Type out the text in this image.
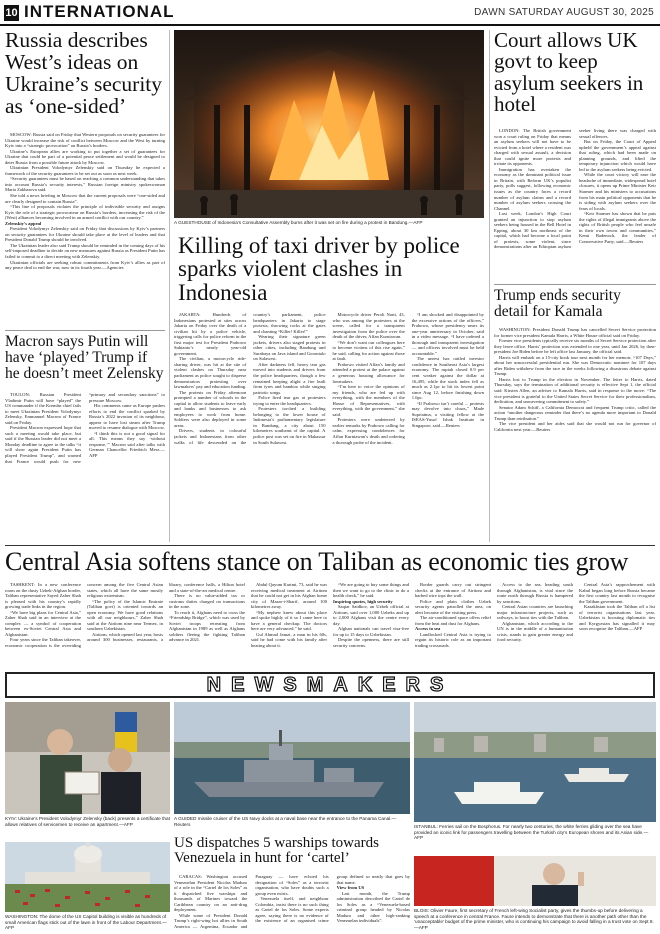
10 INTERNATIONAL	DAWN SATURDAY AUGUST 30, 2025
Russia describes West’s ideas on Ukraine’s security as ‘one-sided’

MOSCOW: Russia said on Friday that Western proposals on security guarantees for Ukraine would increase the risk of conflict between Moscow and the West by turning Kyiv into a “strategic provocation” on Russia’s borders.

Ukraine’s European allies are working to put together a set of guarantees for Ukraine that could be part of a potential peace settlement and would be designed to deter Russia from a possible future attack by Moscow.

Ukrainian President Volodymyr Zelenskiy said on Thursday he expected a framework of the security guarantees to be set out as soon as next week.

“Security guarantees must be based on reaching a common understanding that takes into account Russia’s security interests,” Russian foreign ministry spokeswoman Maria Zakharova said.

She told a news briefing in Moscow that the current proposals were “one-sided and are clearly designed to contain Russia”.

“This line of proposals violates the principle of indivisible security and assigns Kyiv the role of a strategic provocateur on Russia’s borders, increasing the risk of the (West) alliances becoming involved in an armed conflict with our country.”

Zelenskiy’s appeal

President Volodymyr Zelenskiy said on Friday that discussions by Kyiv’s partners on security guarantees for Ukraine should take place at the level of leaders and that President Donald Trump should be involved.

The Ukrainian leader also said Trump should be reminded in the coming days of his self-imposed deadline to decide on new measures against Russia as President Putin has failed to commit to a direct meeting with Zelenskiy.

Ukrainian officials are seeking robust commitments from Kyiv’s allies as part of any peace deal to end the war, now in its fourth year.—Agencies

Macron says Putin will have ‘played’ Trump if he doesn’t meet Zelensky

TOULON: Russian President Vladimir Putin will have “played” the US commander if the Kremlin chief fails to meet Ukrainian President Volodymyr Zelensky, Emmanuel Macron of France said on Friday.

President Macron expressed hope that such a meeting would take place, but said if the Russian leader did not meet a Monday deadline to agree to the talks “it will show again President Putin has played President Trump”, and warned that France would push for new “primary and secondary sanctions” to pressure Moscow.

His comments came as Europe pushes efforts to end the conflict sparked by Russia’s 2022 invasion of its neighbour, appear to have lost steam after Trump moved to resume dialogue with Moscow.

“I think this is not a good signal for all. This means they say ‘without response,’” Macron said after talks with German Chancellor Friedrich Merz.—AFP

A GUESTHOUSE of Indonesia’s Consultative Assembly burns after it was set on fire during a protest in Bandung.—AFP
Killing of taxi driver by police sparks violent clashes in Indonesia

JAKARTA: Hundreds of Indonesians protested at sites across Jakarta on Friday over the death of a civilian hit by a police vehicle, triggering calls for police reform in the first major test for President Prabowo Subianto’s nearly year-old government.

The civilian, a motorcycle ride-sharing driver, was hit at the site of violent clashes on Thursday near parliament as police sought to disperse demonstrators protesting over lawmakers’ pay and education funding.

The protests on Friday afternoon prompted a number of schools in the capital to allow students to leave early and banks and businesses to ask employees to work from home. Soldiers were also deployed in some areas.

Drivers, students in colourful jackets and Indonesians from other walks of life descended on the country’s parliament, police headquarters in Jakarta to stage protests, throwing rocks at the gates and chanting “Killer! Killer!”

Wearing their signature green jackets, drivers also staged protests in other cities, including Bandung and Surabaya on Java island and Gorontalo on Sulawesi.

After darkness fell, heavy tear gas moved into students and drivers from the police headquarters, though a few remained keeping alight a fire built from tyres and bamboo while singing patriotic songs.

Police fired tear gas at protesters trying to enter the headquarters.

Protesters torched a building belonging to the lower house of Indonesia’s parliamentary legislature in Bandung, a city about 150 kilometres southeast of the capital. A police post was set on fire in Makassar in South Sulawesi.

Motorcycle driver Peroli Narti, 43, who was among the protesters at the scene, called for a transparent investigation from the police over the death of the driver, Affan Kurniawan.

“We don’t want our colleagues here to become victims of this rise again,” he said, calling for action against those at fault.

Prabowo visited Affan’s family and attended a protest at the palace against a generous housing allowance for lawmakers.

“I’m here to voice the opinions of my friends, who are fed up with everything, with the members of the House of Representatives, with everything, with the government,” she said.

Protesters were undeterred by earlier remarks by Prabowo calling for calm, expressing condolences for Affan Kurniawan’s death and ordering a thorough probe of the incident.

“I am shocked and disappointed by the excessive actions of the officers,” Prabowo, whose presidency nears its one-year anniversary in October, said in a video message. “I have ordered a thorough and transparent investigation — and officers involved must be held accountable.”

The unrest has rattled investor confidence in Southeast Asia’s largest economy. The rupiah closed 0.9 per cent weaker against the dollar at 16,495, while the stock index fell as much as 2.1pc to hit its lowest point since Aug 12, before finishing down 1.6pc.

“If Prabowo isn’t careful ... protests may devolve into chaos,” Made Supriatma, a visiting fellow at the ISEAS-Yusof Ishak Institute in Singapore, said.—Reuters

Court allows UK govt to keep asylum seekers in hotel

LONDON: The British government won a court ruling on Friday that means an asylum seekers will not have to be evicted from a hotel where a resident was charged with sexual assault, a decision that could ignite more protests and irritate its opponents.

Immigration has overtaken the economy as the dominant political issue in Britain, with Reform UK’s populist party, polls suggest, following economic issues as the country faces a record number of asylum claims and a record number of asylum seekers crossing the Channel.

Last week, London’s High Court granted an injunction to stop asylum seekers being housed in the Bell Hotel in Epping, about 30 km northeast of the capital, which had become a focal point of protests, some violent, since demonstrations after an Ethiopian asylum seeker living there was charged with sexual offences.

But on Friday, the Court of Appeal upheld the government’s appeal against that ruling, which had been made on planning grounds, and lifted the temporary injunction which would have led to the asylum seekers being evicted.

While the court victory will ease the headache of immediate, widespread hotel closures, it opens up Prime Minister Keir Starmer and his ministers to accusations from his main political opponents that he is siding with asylum seekers over the fears of locals.

“Keir Starmer has shown that he puts the rights of illegal immigrants above the rights of British people who feel unsafe in their own towns and communities,” Kemi Badenoch, the leader of Conservative Party, said.—Reuters

Trump ends security detail for Kamala

WASHINGTON: President Donald Trump has cancelled Secret Service protection for former vice president Kamala Harris, a White House official said on Friday.

Former vice presidents typically receive six months of Secret Service protection after they leave office. Harris’ protection was extended to one year, until Jan 2026, by then-president Joe Biden before he left office last January, the official said.

Harris will embark on a 15-city book tour next month for her memoir, “107 Days,” about her unsuccessful presidential run. She was Democratic nominee for 107 days after Biden withdrew from the race in the weeks following a disastrous debate against Trump.

Harris lost to Trump in the election in November. The letter to Harris, dated Thursday, says the termination of additional security is effective Sept 1, the official said. Kirsten Allen, an adviser to Kamala Harris, said in response to the move: “The vice president is grateful to the United States Secret Service for their professionalism, dedication, and unwavering commitment to safety.”

Senator Adam Schiff, a California Democrat and frequent Trump critic, called the action “another dangerous reminder that there’s no agenda more important to Donald Trump than retribution.”

The vice president and her aides said that she would not run for governor of California next year.—Reuters

Central Asia softens stance on Taliban as economic ties grow

TASHKENT: In a new conference room on the dusty Uzbek-Afghan border, Taliban representative Sayed Zaher Shah is pleased with his country’s rapidly growing trade links in the region.

“We have big plans for Central Asia,” Zaher Shah said in an interview at the complex — a symbol of cooperation between ex-Soviet Central Asia and Afghanistan.

Four years since the Taliban takeover, economic cooperation is the overriding concern among the five Central Asian states, which all have the same mostly religious extremism.

“The policy of the Islamic Emirate (Taliban govt) is oriented towards an open economy. We have good relations with all our neighbours,” Zaher Shah said at the Airitom nine near Termez, in southern Uzbekistan.

Airitom, which opened last year, hosts around 300 businesses, restaurants, a library, conference halls, a Hilton hotel and a state-of-the-art medical centre.

There is no value-added tax or customs duties charged on transactions in the zone.

To reach it, Afghans need to cross the “Friendship Bridge”, which was used by Soviet troops retreating from Afghanistan in 1989 as well as Afghans soldiers fleeing the fighting Taliban advance in 2021.

Abdul Qayum Karimi, 73, said he was receiving medical treatment at Airitom that he could not get in his Afghan home city of Mazar-i-Sharif, around 100 kilometres away.

“My nephew knew about this place and spoke highly of it so I came here to have a general checkup. The doctors here are very advanced,” he said.

Gul Ahmad Jamzi, a man in his 60s, said he had come with his family after hearing about it.

“We are going to buy some things and then we want to go to the clinic to do a health check,” he said.

Inspiring quotes, high security

Saqiar Saidkov, an Uzbek official at Airitom, said over 1,000 Uzbeks and up to 2,000 Afghans visit the centre every day.

Afghan nationals can travel visa-free for up to 15 days to Uzbekistan.

Despite the openness, there are still security concerns.

Border guards carry out stringent checks at the entrance of Airitom and barbed wire tops the wall.

Police and plain clothes Uzbek security agents patrolled the area, on alert because of the visiting press.

The air-conditioned space offers relief from the heat and dust for Afghans.

Access to sea

Landlocked Central Asia is trying to regain its historic role as an important trading crossroads.

Access to the sea, heading south through Afghanistan, is vital since the route north through Russia is hampered by sanctions.

Central Asian countries are launching major infrastructure projects, such as railways, to boost ties with the Taliban.

Afghanistan, which according to the UN is in the middle of a humanitarian crisis, stands to gain greater energy and food security.

Central Asia’s rapprochement with Kabul began long before Russia became the first country last month to recognise the Taliban government.

Kazakhstan took the Taliban off a list of terrorist organisations last year, Uzbekistan is boosting diplomatic ties and Kyrgyzstan has signalled it may soon recognise the Taliban.—AFP

NEWSMAKERS
KYIV: Ukraine’s President Volodymyr Zelensky (back) presents a certificate that allows relatives of servicemen to receive an apartment.—AFP
A GUIDED missile cruiser of the US Navy docks at a naval base near the entrance to the Panama Canal.—Reuters	ISTANBUL: Ferries sail on the Bosphorus. For nearly two centuries, the white ferries gliding over the sea have provided an iconic link for passengers travelling between the Turkish city’s European shores and its Asian side.—AFP
US dispatches 5 warships towards Venezuela in hunt for ‘cartel’

CARACAS: Washington accused Venezuelan President Nicolas Maduro of a role in the “Cartel de los Soles” as it dispatched five warships and thousands of Marines toward the Caribbean country on an anti-drug deployment.

While some of President Donald Trump’s right-wing hot allies in South America — Argentina, Ecuador and Paraguay — have echoed his designation of “Soles” as a terrorist organisation, who have doubts such a group even exists.

Venezuela itself, and neighbour Colombia, insist there is no such thing as Cartel de los Soles. Some experts agree, saying there is no evidence of the existence of an organised crime group defined so neatly that goes by that name.

View from US

Last month, the Trump administration described the Cartel de los Soles as a “Venezuela-based criminal group headed by Nicolas Maduro and other high-ranking Venezuelan individuals”.

WASHINGTON: The dome of the US Capitol building is visible as hundreds of small American flags stick out of the lawn in front of the Labour Department.—AFP
BLOIS: Olivier Faure, first secretary of French left-wing Socialist party, gives the thumbs-up before delivering a speech at a conference in central France. Faure intends to demonstrate that there is another path other than the ‘unacceptable’ budget of the prime minister, who is continuing his campaign to avoid falling in a trust vote on Sept 8.—AFP
